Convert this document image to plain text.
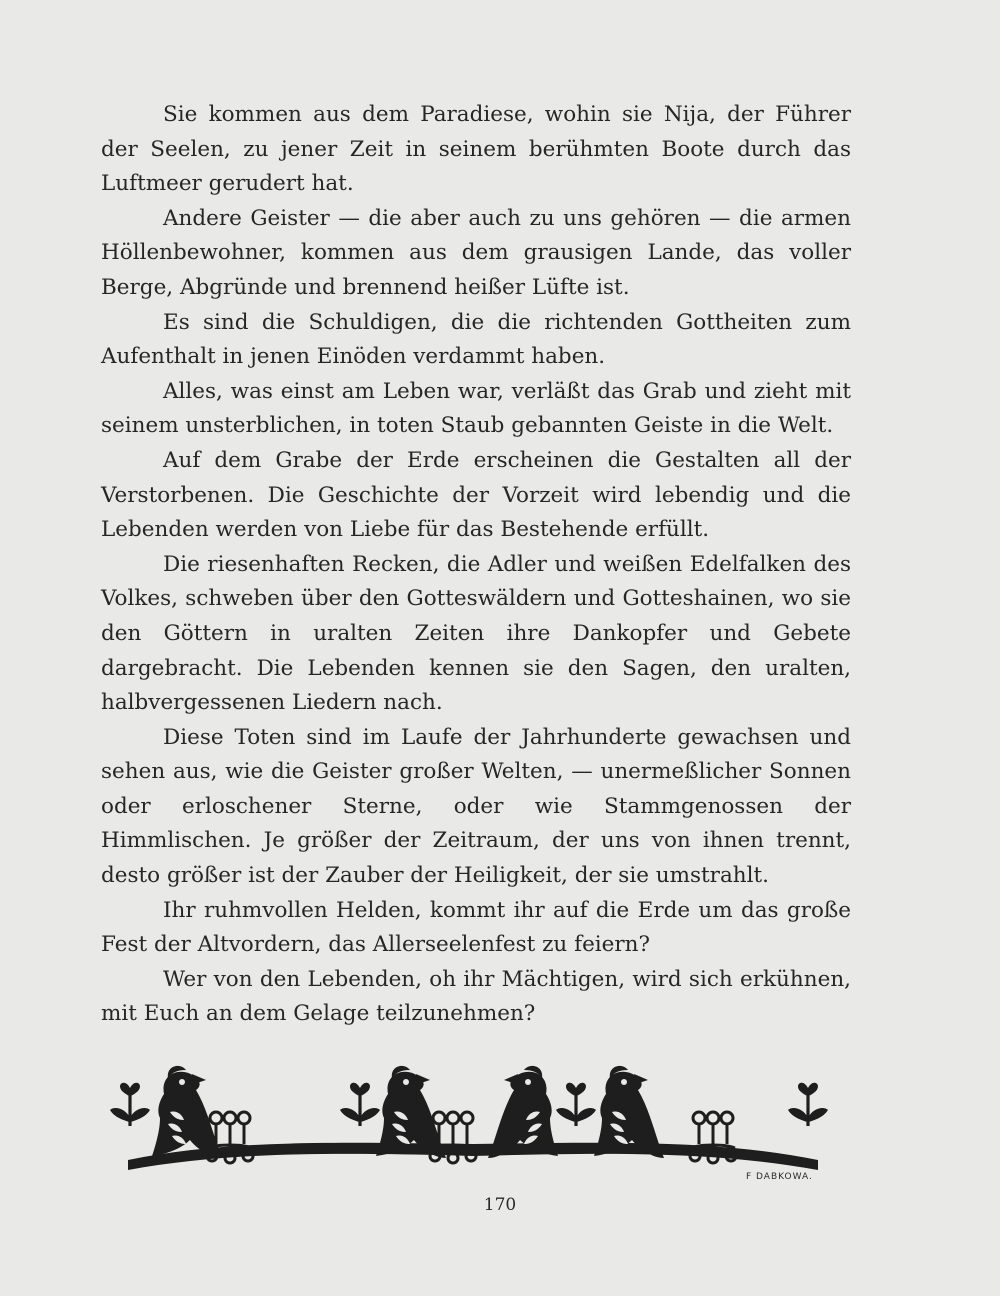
Sie kommen aus dem Paradiese, wohin sie Nija, der Führer der Seelen, zu jener Zeit in seinem berühmten Boote durch das Luftmeer gerudert hat.

Andere Geister — die aber auch zu uns gehören — die armen Höllenbewohner, kommen aus dem grausigen Lande, das voller Berge, Abgründe und brennend heißer Lüfte ist.

Es sind die Schuldigen, die die richtenden Gottheiten zum Aufenthalt in jenen Einöden verdammt haben.

Alles, was einst am Leben war, verläßt das Grab und zieht mit seinem unsterblichen, in toten Staub gebannten Geiste in die Welt.

Auf dem Grabe der Erde erscheinen die Gestalten all der Verstorbenen. Die Geschichte der Vorzeit wird lebendig und die Lebenden werden von Liebe für das Bestehende erfüllt.

Die riesenhaften Recken, die Adler und weißen Edelfalken des Volkes, schweben über den Gotteswäldern und Gotteshainen, wo sie den Göttern in uralten Zeiten ihre Dankopfer und Gebete dargebracht. Die Lebenden kennen sie den Sagen, den uralten, halbvergessenen Liedern nach.

Diese Toten sind im Laufe der Jahrhunderte gewachsen und sehen aus, wie die Geister großer Welten, — unermeßlicher Sonnen oder erloschener Sterne, oder wie Stammgenossen der Himmlischen. Je größer der Zeitraum, der uns von ihnen trennt, desto größer ist der Zauber der Heiligkeit, der sie umstrahlt.

Ihr ruhmvollen Helden, kommt ihr auf die Erde um das große Fest der Altvordern, das Allerseelenfest zu feiern?

Wer von den Lebenden, oh ihr Mächtigen, wird sich erkühnen, mit Euch an dem Gelage teilzunehmen?

F DABKOWA.
170
